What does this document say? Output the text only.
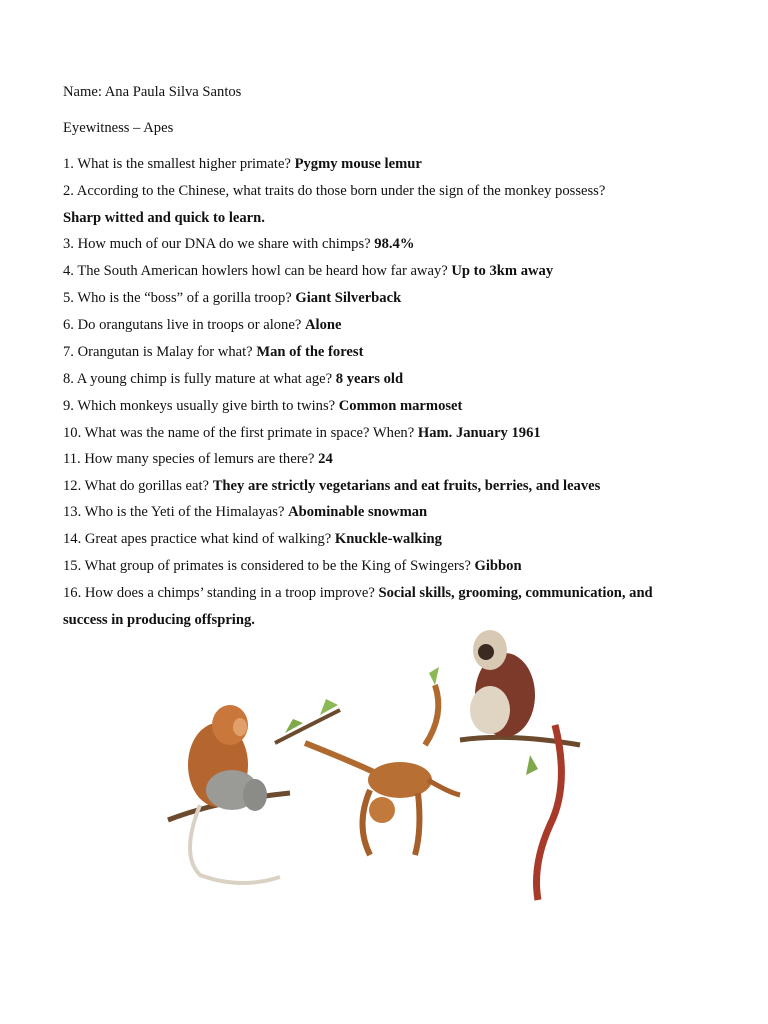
Name: Ana Paula Silva Santos
Eyewitness – Apes
1. What is the smallest higher primate? Pygmy mouse lemur
2. According to the Chinese, what traits do those born under the sign of the monkey possess?
Sharp witted and quick to learn.
3. How much of our DNA do we share with chimps? 98.4%
4. The South American howlers howl can be heard how far away? Up to 3km away
5. Who is the “boss” of a gorilla troop? Giant Silverback
6. Do orangutans live in troops or alone? Alone
7. Orangutan is Malay for what? Man of the forest
8. A young chimp is fully mature at what age? 8 years old
9. Which monkeys usually give birth to twins? Common marmoset
10. What was the name of the first primate in space? When? Ham. January 1961
11. How many species of lemurs are there? 24
12. What do gorillas eat? They are strictly vegetarians and eat fruits, berries, and leaves
13. Who is the Yeti of the Himalayas? Abominable snowman
14. Great apes practice what kind of walking? Knuckle-walking
15. What group of primates is considered to be the King of Swingers? Gibbon
16. How does a chimps’ standing in a troop improve? Social skills, grooming, communication, and
success in producing offspring.
